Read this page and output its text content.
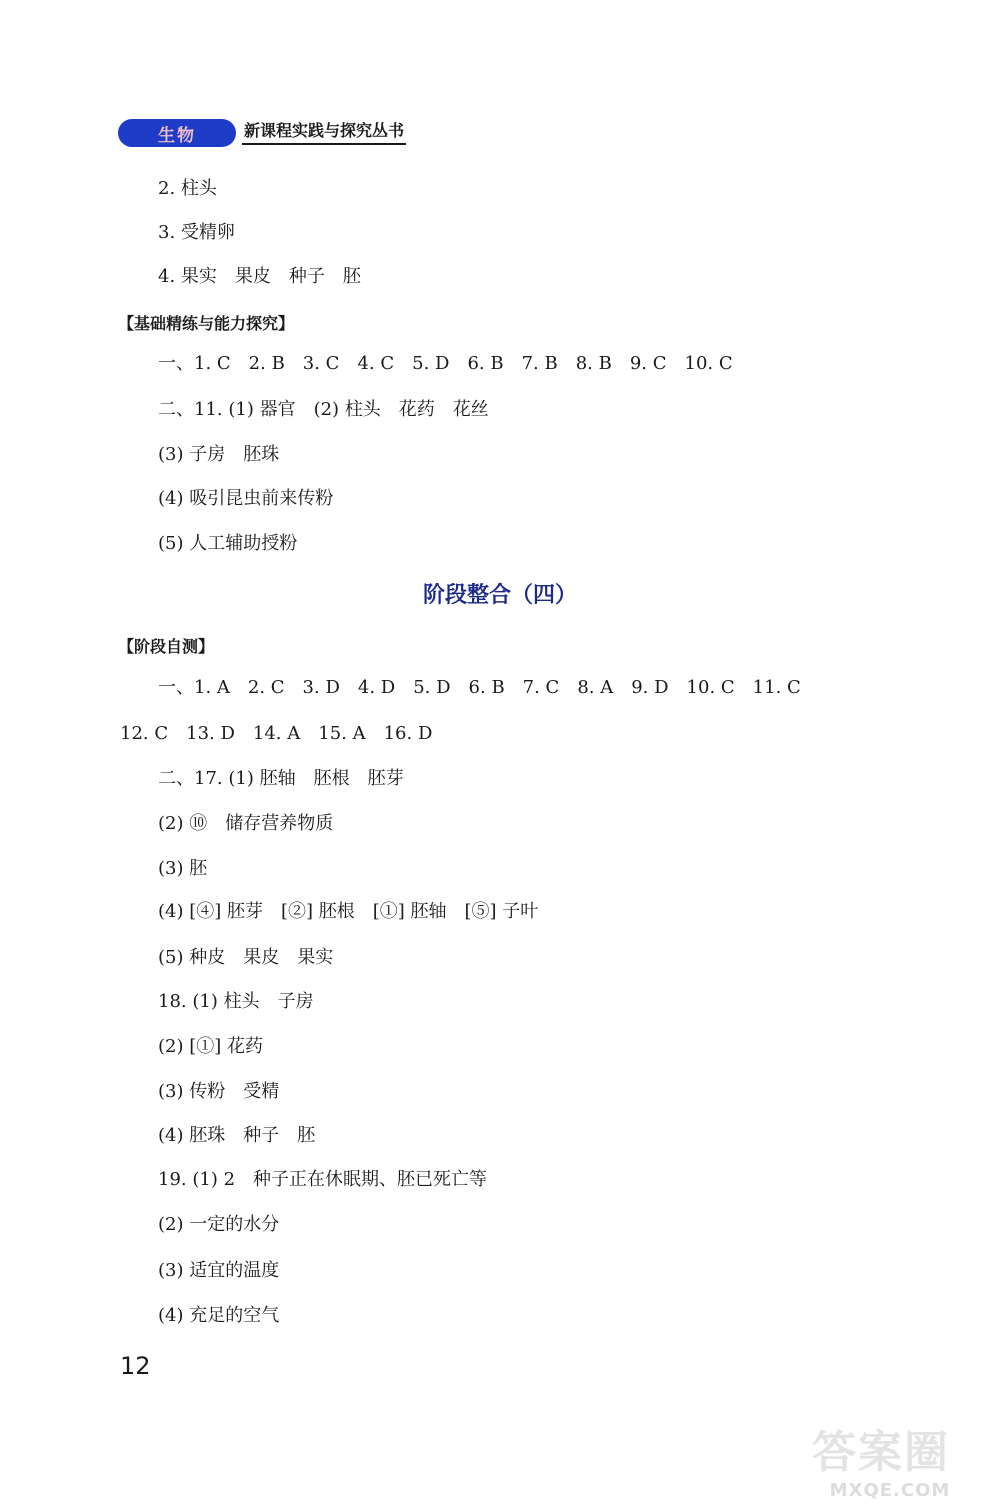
生物	新课程实践与探究丛书
2. 柱头
3. 受精卵
4. 果实　果皮　种子　胚
【基础精练与能力探究】
一、1. C　2. B　3. C　4. C　5. D　6. B　7. B　8. B　9. C　10. C
二、11. (1) 器官　(2) 柱头　花药　花丝
(3) 子房　胚珠
(4) 吸引昆虫前来传粉
(5) 人工辅助授粉
阶段整合（四）
【阶段自测】
一、1. A　2. C　3. D　4. D　5. D　6. B　7. C　8. A　9. D　10. C　11. C
12. C　13. D　14. A　15. A　16. D
二、17. (1) 胚轴　胚根　胚芽
(2) ⑩　储存营养物质
(3) 胚
(4) [④] 胚芽　[②] 胚根　[①] 胚轴　[⑤] 子叶
(5) 种皮　果皮　果实
18. (1) 柱头　子房
(2) [①] 花药
(3) 传粉　受精
(4) 胚珠　种子　胚
19. (1) 2　种子正在休眠期、胚已死亡等
(2) 一定的水分
(3) 适宜的温度
(4) 充足的空气
12
答案圈
MXQE.COM
